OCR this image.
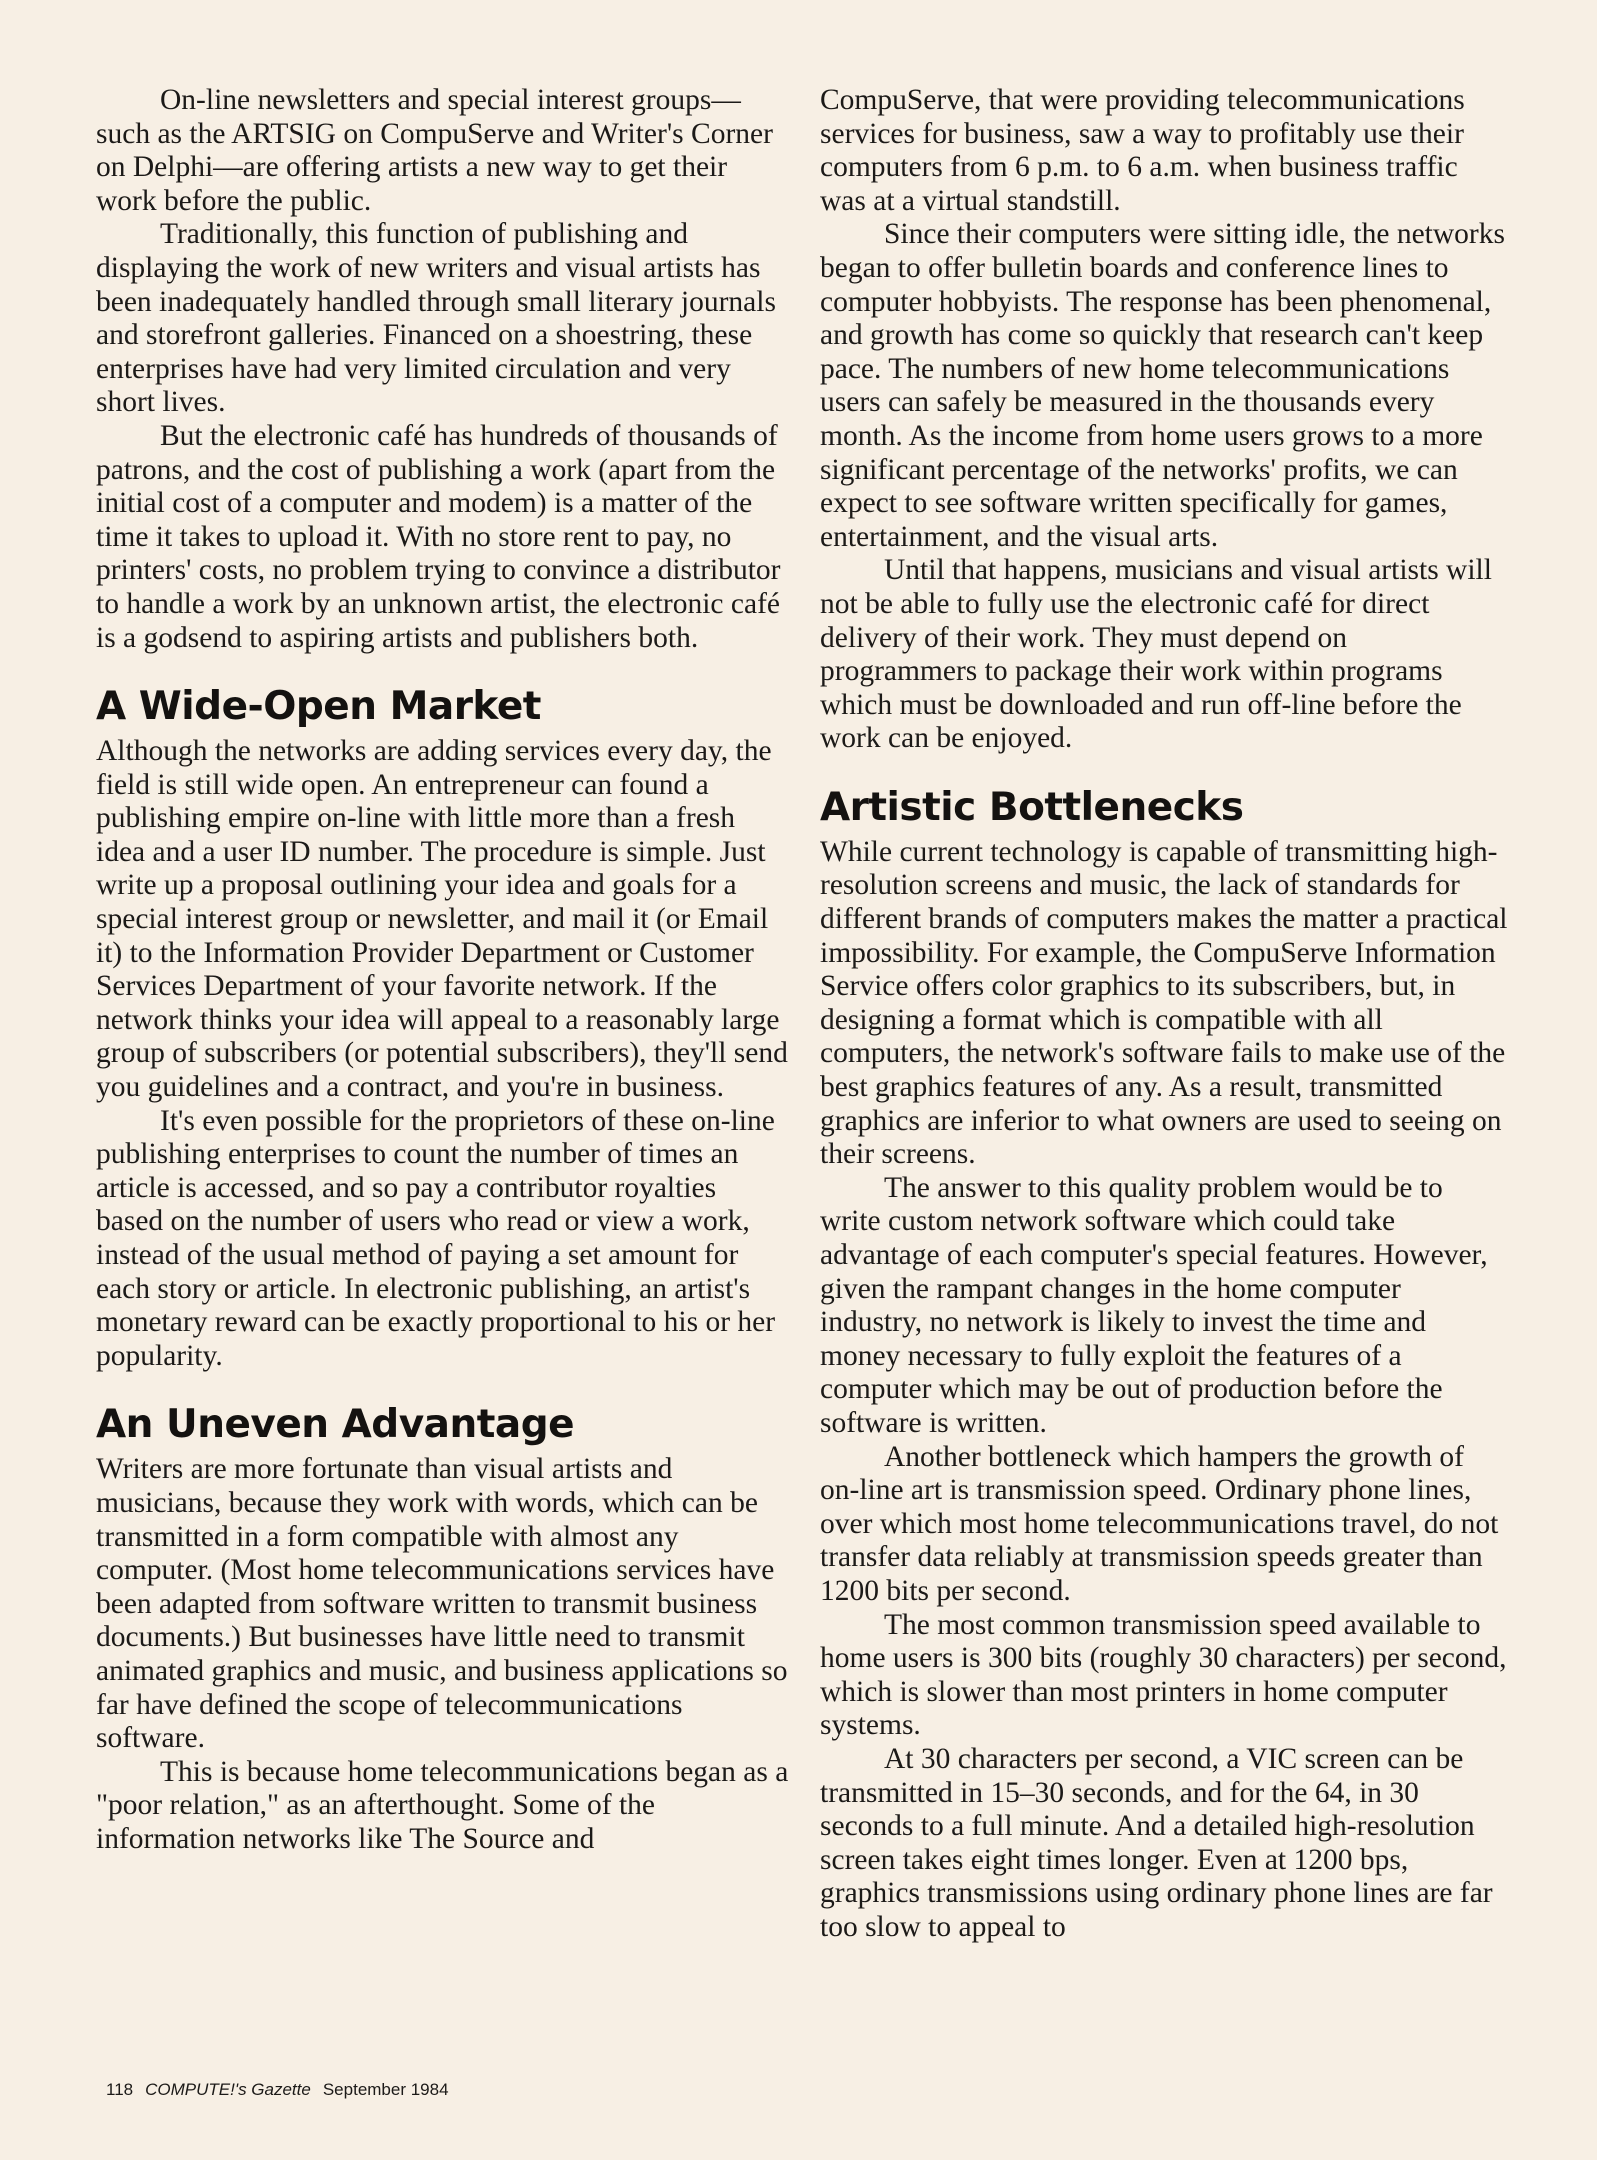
On-line newsletters and special interest groups—such as the ARTSIG on CompuServe and Writer's Corner on Delphi—are offering artists a new way to get their work before the public.

Traditionally, this function of publishing and displaying the work of new writers and visual artists has been inadequately handled through small literary journals and storefront galleries. Financed on a shoestring, these enterprises have had very limited circulation and very short lives.

But the electronic café has hundreds of thousands of patrons, and the cost of publishing a work (apart from the initial cost of a computer and modem) is a matter of the time it takes to upload it. With no store rent to pay, no printers' costs, no problem trying to convince a distributor to handle a work by an unknown artist, the electronic café is a godsend to aspiring artists and publishers both.

A Wide-Open Market

Although the networks are adding services every day, the field is still wide open. An entrepreneur can found a publishing empire on-line with little more than a fresh idea and a user ID number. The procedure is simple. Just write up a proposal outlining your idea and goals for a special interest group or newsletter, and mail it (or Email it) to the Information Provider Department or Customer Services Department of your favorite network. If the network thinks your idea will appeal to a reasonably large group of subscribers (or potential subscribers), they'll send you guidelines and a contract, and you're in business.

It's even possible for the proprietors of these on-line publishing enterprises to count the number of times an article is accessed, and so pay a contributor royalties based on the number of users who read or view a work, instead of the usual method of paying a set amount for each story or article. In electronic publishing, an artist's monetary reward can be exactly proportional to his or her popularity.

An Uneven Advantage

Writers are more fortunate than visual artists and musicians, because they work with words, which can be transmitted in a form compatible with almost any computer. (Most home telecommunications services have been adapted from software written to transmit business documents.) But businesses have little need to transmit animated graphics and music, and business applications so far have defined the scope of telecommunications software.

This is because home telecommunications began as a "poor relation," as an afterthought. Some of the information networks like The Source and

CompuServe, that were providing telecommunications services for business, saw a way to profitably use their computers from 6 p.m. to 6 a.m. when business traffic was at a virtual standstill.

Since their computers were sitting idle, the networks began to offer bulletin boards and conference lines to computer hobbyists. The response has been phenomenal, and growth has come so quickly that research can't keep pace. The numbers of new home telecommunications users can safely be measured in the thousands every month. As the income from home users grows to a more significant percentage of the networks' profits, we can expect to see software written specifically for games, entertainment, and the visual arts.

Until that happens, musicians and visual artists will not be able to fully use the electronic café for direct delivery of their work. They must depend on programmers to package their work within programs which must be downloaded and run off-line before the work can be enjoyed.

Artistic Bottlenecks

While current technology is capable of transmitting high-resolution screens and music, the lack of standards for different brands of computers makes the matter a practical impossibility. For example, the CompuServe Information Service offers color graphics to its subscribers, but, in designing a format which is compatible with all computers, the network's software fails to make use of the best graphics features of any. As a result, transmitted graphics are inferior to what owners are used to seeing on their screens.

The answer to this quality problem would be to write custom network software which could take advantage of each computer's special features. However, given the rampant changes in the home computer industry, no network is likely to invest the time and money necessary to fully exploit the features of a computer which may be out of production before the software is written.

Another bottleneck which hampers the growth of on-line art is transmission speed. Ordinary phone lines, over which most home telecommunications travel, do not transfer data reliably at transmission speeds greater than 1200 bits per second.

The most common transmission speed available to home users is 300 bits (roughly 30 characters) per second, which is slower than most printers in home computer systems.

At 30 characters per second, a VIC screen can be transmitted in 15–30 seconds, and for the 64, in 30 seconds to a full minute. And a detailed high-resolution screen takes eight times longer. Even at 1200 bps, graphics transmissions using ordinary phone lines are far too slow to appeal to

118 COMPUTE!'s Gazette September 1984
